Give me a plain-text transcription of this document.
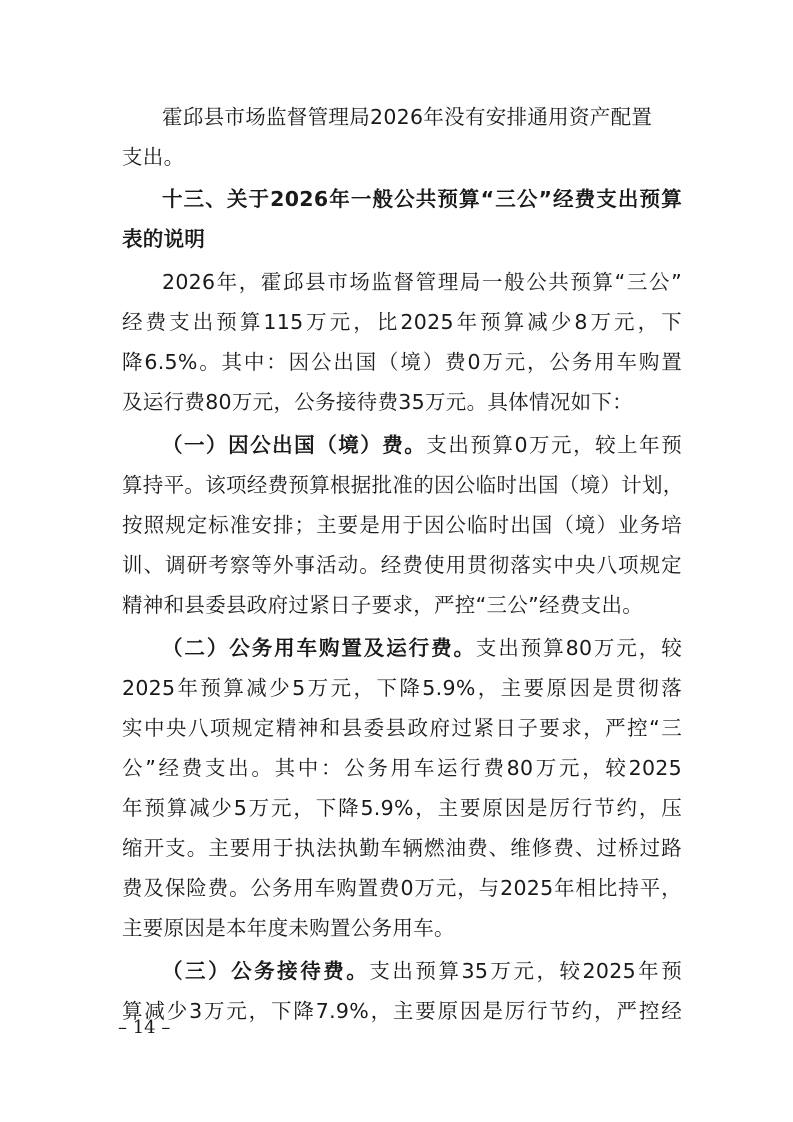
霍邱县市场监督管理局2026年没有安排通用资产配置
支出。
十三、关于2026年一般公共预算“三公”经费支出预算
表的说明
2026年，霍邱县市场监督管理局一般公共预算“三公”
经费支出预算115万元，比2025年预算减少8万元，下
降6.5%。其中：因公出国（境）费0万元，公务用车购置
及运行费80万元，公务接待费35万元。具体情况如下：
（一）因公出国（境）费。支出预算0万元，较上年预
算持平。该项经费预算根据批准的因公临时出国（境）计划，
按照规定标准安排；主要是用于因公临时出国（境）业务培
训、调研考察等外事活动。经费使用贯彻落实中央八项规定
精神和县委县政府过紧日子要求，严控“三公”经费支出。
（二）公务用车购置及运行费。支出预算80万元，较
2025年预算减少5万元，下降5.9%，主要原因是贯彻落
实中央八项规定精神和县委县政府过紧日子要求，严控“三
公”经费支出。其中：公务用车运行费80万元，较2025
年预算减少5万元，下降5.9%，主要原因是厉行节约，压
缩开支。主要用于执法执勤车辆燃油费、维修费、过桥过路
费及保险费。公务用车购置费0万元，与2025年相比持平，
主要原因是本年度未购置公务用车。
（三）公务接待费。支出预算35万元，较2025年预
算减少3万元，下降7.9%，主要原因是厉行节约，严控经
– 14 –
